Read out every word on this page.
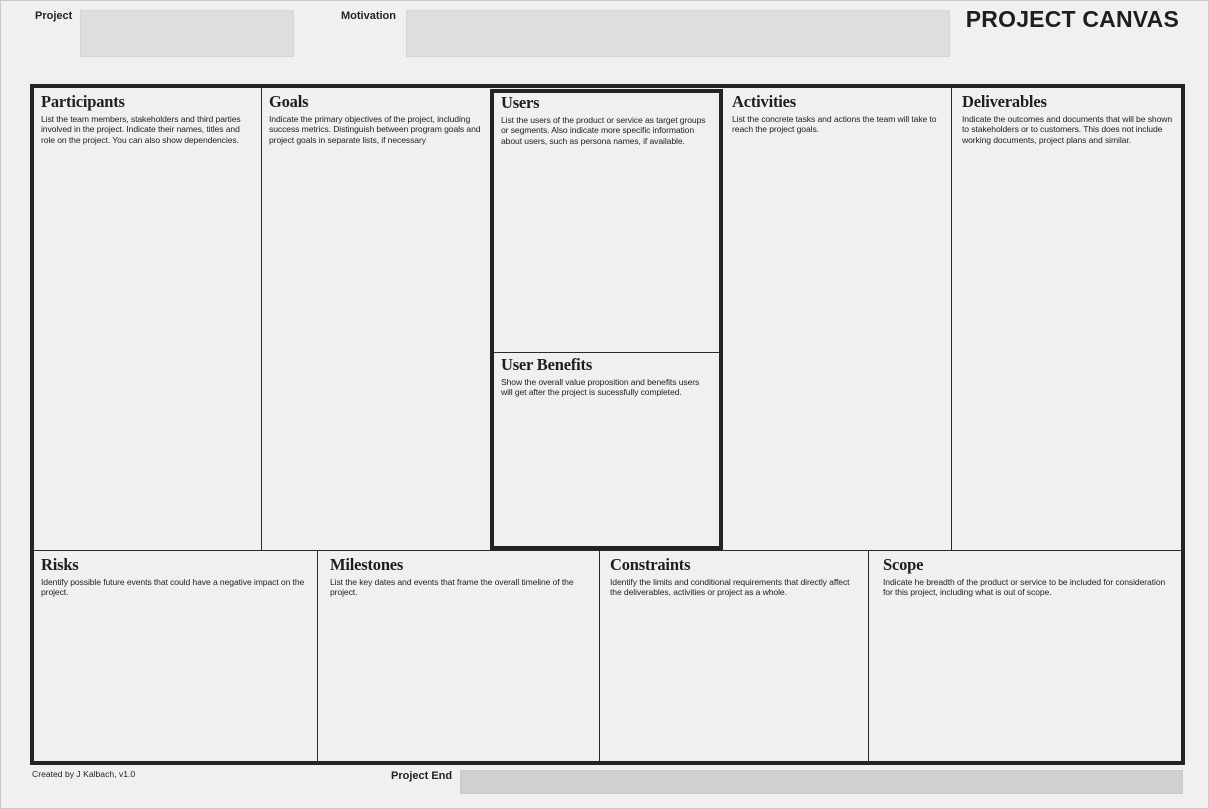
Project	Motivation	PROJECT CANVAS
Participants

List the team members, stakeholders and third parties involved in the project. Indicate their names, titles and role on the project. You can also show dependencies.

Goals

Indicate the primary objectives of the project, including success metrics. Distinguish between program goals and project goals in separate lists, if necessary

Users

List the users of the product or service as target groups or segments. Also indicate more specific information about users, such as persona names, if available.

User Benefits

Show the overall value proposition and benefits users will get after the project is sucessfully completed.

Activities

List the concrete tasks and actions the team will take to reach the project goals.

Deliverables

Indicate the outcomes and documents that will be shown to stakeholders or to customers. This does not include working documents, project plans and similar.

Risks

Identify possible future events that could have a negative impact on the project.

Milestones

List the key dates and events that frame the overall timeline of the project.

Constraints

Identify the limits and conditional requirements that directly affect the deliverables, activities or project as a whole.

Scope

Indicate he breadth of the product or service to be included for consideration for this project, including what is out of scope.

Created by J Kalbach, v1.0	Project End
